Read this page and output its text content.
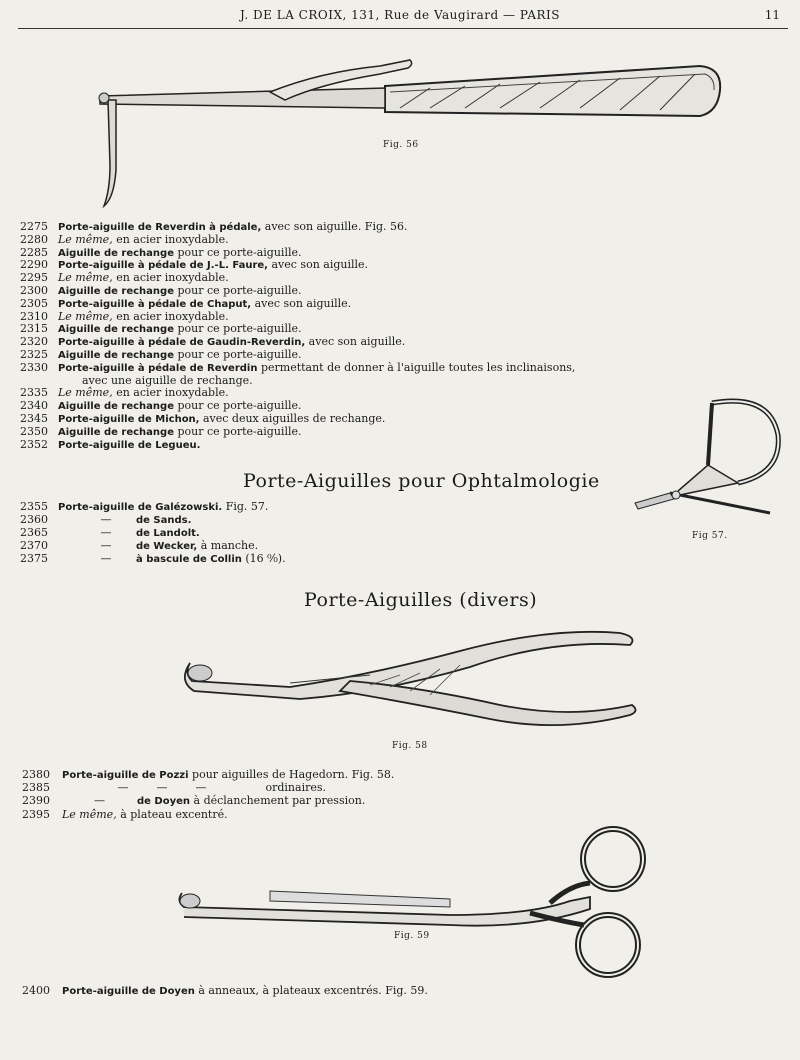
J. DE LA CROIX, 131, Rue de Vaugirard — PARIS	11
Fig. 56
2275	Porte-aiguille de Reverdin à pédale, avec son aiguille. Fig. 56.
2280 Le même, en acier inoxydable.
2285	Aiguille de rechange pour ce porte-aiguille.
2290	Porte-aiguille à pédale de J.-L. Faure, avec son aiguille.
2295 Le même, en acier inoxydable.
2300	Aiguille de rechange pour ce porte-aiguille.
2305	Porte-aiguille à pédale de Chaput, avec son aiguille.
2310 Le même, en acier inoxydable.
2315	Aiguille de rechange pour ce porte-aiguille.
2320	Porte-aiguille à pédale de Gaudin-Reverdin, avec son aiguille.
2325	Aiguille de rechange pour ce porte-aiguille.
2330	Porte-aiguille à pédale de Reverdin permettant de donner à l'aiguille toutes les inclinaisons,
avec une aiguille de rechange.
2335 Le même, en acier inoxydable.
2340	Aiguille de rechange pour ce porte-aiguille.
2345	Porte-aiguille de Michon, avec deux aiguilles de rechange.
2350	Aiguille de rechange pour ce porte-aiguille.
2352	Porte-aiguille de Legueu.
Fig 57.
Porte-Aiguilles pour Ophtalmologie
2355	Porte-aiguille de Galézowski. Fig. 57.
2360	— de Sands.
2365	— de Landolt.
2370	— de Wecker, à manche.
2375	— à bascule de Collin (16 ⁰⁄₀).
Porte-Aiguilles (divers)
Fig. 58
2380	Porte-aiguille de Pozzi pour aiguilles de Hagedorn. Fig. 58.
2385	—        —        —	ordinaires.
2390	—	de Doyen à déclanchement par pression.
2395	Le même, à plateau excentré.
Fig. 59
2400	Porte-aiguille de Doyen à anneaux, à plateaux excentrés. Fig. 59.
